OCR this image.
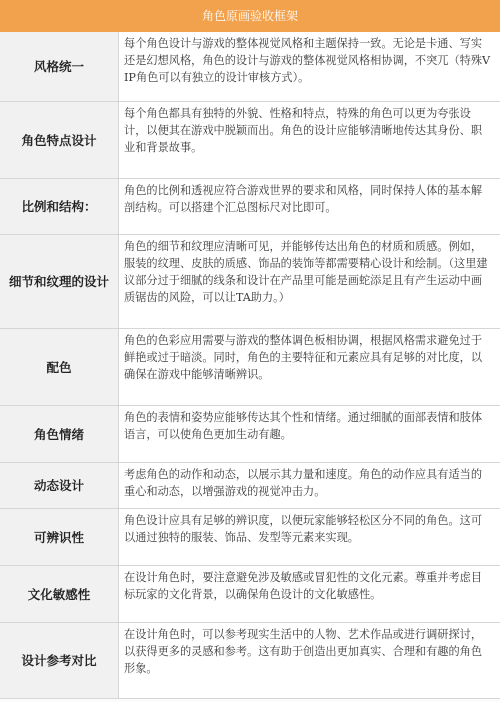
角色原画验收框架
风格统一	每个角色设计与游戏的整体视觉风格和主题保持一致。无论是卡通、写实还是幻想风格，角色的设计与游戏的整体视觉风格相协调，不突兀（特殊VIP角色可以有独立的设计审核方式）。
角色特点设计	每个角色都具有独特的外貌、性格和特点，特殊的角色可以更为夸张设计，以便其在游戏中脱颖而出。角色的设计应能够清晰地传达其身份、职业和背景故事。
比例和结构：	角色的比例和透视应符合游戏世界的要求和风格，同时保持人体的基本解剖结构。可以搭建个汇总图标尺对比即可。
细节和纹理的设计	角色的细节和纹理应清晰可见，并能够传达出角色的材质和质感。例如，服装的纹理、皮肤的质感、饰品的装饰等都需要精心设计和绘制。（这里建议部分过于细腻的线条和设计在产品里可能是画蛇添足且有产生运动中画质锯齿的风险，可以让TA助力。）
配色	角色的色彩应用需要与游戏的整体调色板相协调，根据风格需求避免过于鲜艳或过于暗淡。同时，角色的主要特征和元素应具有足够的对比度，以确保在游戏中能够清晰辨识。
角色情绪	角色的表情和姿势应能够传达其个性和情绪。通过细腻的面部表情和肢体语言，可以使角色更加生动有趣。
动态设计	考虑角色的动作和动态，以展示其力量和速度。角色的动作应具有适当的重心和动态，以增强游戏的视觉冲击力。
可辨识性	角色设计应具有足够的辨识度，以便玩家能够轻松区分不同的角色。这可以通过独特的服装、饰品、发型等元素来实现。
文化敏感性	在设计角色时，要注意避免涉及敏感或冒犯性的文化元素。尊重并考虑目标玩家的文化背景，以确保角色设计的文化敏感性。
设计参考对比	在设计角色时，可以参考现实生活中的人物、艺术作品或进行调研探讨，以获得更多的灵感和参考。这有助于创造出更加真实、合理和有趣的角色形象。
